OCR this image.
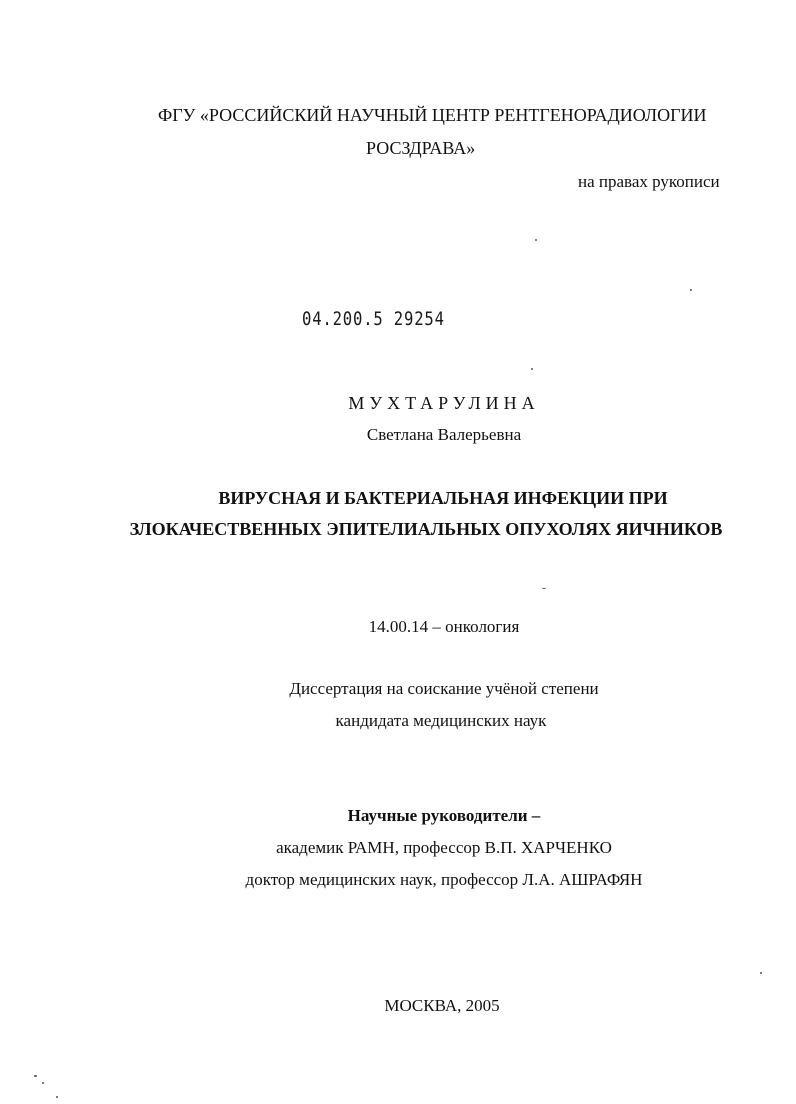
ФГУ «РОССИЙСКИЙ НАУЧНЫЙ ЦЕНТР РЕНТГЕНОРАДИОЛОГИИ
РОСЗДРАВА»
на правах рукописи
04.200.5 29254
МУХТАРУЛИНА
Светлана Валерьевна
ВИРУСНАЯ И БАКТЕРИАЛЬНАЯ ИНФЕКЦИИ ПРИ
ЗЛОКАЧЕСТВЕННЫХ ЭПИТЕЛИАЛЬНЫХ ОПУХОЛЯХ ЯИЧНИКОВ
14.00.14 – онкология
Диссертация на соискание учёной степени
кандидата медицинских наук
Научные руководители –
академик РАМН, профессор В.П. ХАРЧЕНКО
доктор медицинских наук, профессор Л.А. АШРАФЯН
МОСКВА, 2005
